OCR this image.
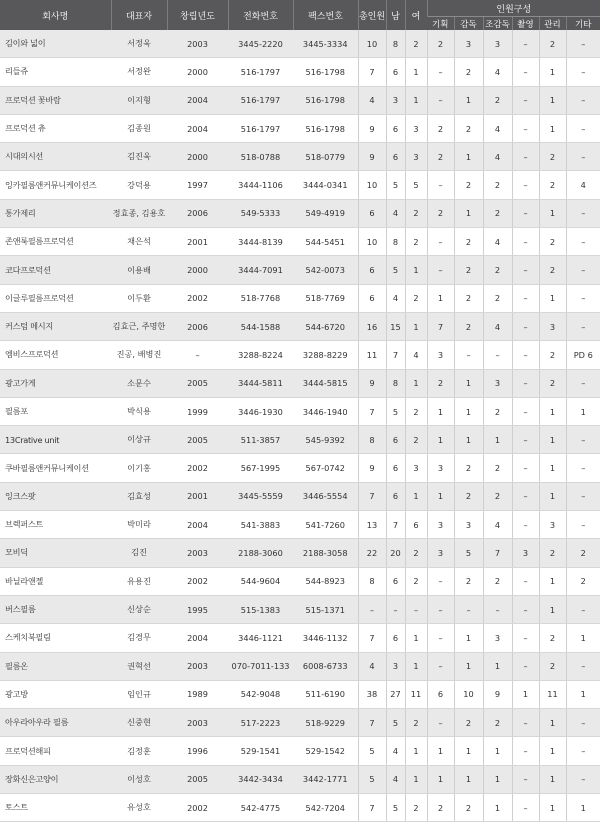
회사명	대표자	창립년도	전화번호	팩스번호	총인원	남	여	인원구성					
								기획	감독	조감독	촬영	관리	기타
김이와 넓이	서정욱	2003	3445-2220	3445-3334	10	8	2	2	3	3	–	2	–
리들쥬	서정완	2000	516-1797	516-1798	7	6	1	–	2	4	–	1	–
프로덕션 꽃바람	이지형	2004	516-1797	516-1798	4	3	1	–	1	2	–	1	–
프로덕션 츄	김종원	2004	516-1797	516-1798	9	6	3	2	2	4	–	1	–
시대의시선	김진욱	2000	518-0788	518-0779	9	6	3	2	1	4	–	2	–
잉카필름앤커뮤니케이션즈	강덕용	1997	3444-1106	3444-0341	10	5	5	–	2	2	–	2	4
통가제리	정효종, 김용호	2006	549-5333	549-4919	6	4	2	2	1	2	–	1	–
존앤룩필름프로덕션	채은석	2001	3444-8139	544-5451	10	8	2	–	2	4	–	2	–
코다프로덕션	이용배	2000	3444-7091	542-0073	6	5	1	–	2	2	–	2	–
이글루필름프로덕션	이두환	2002	518-7768	518-7769	6	4	2	1	2	2	–	1	–
커스텀 메시지	김효근, 주명한	2006	544-1588	544-6720	16	15	1	7	2	4	–	3	–
엠비스프로덕션	진공, 배병진	–	3288-8224	3288-8229	11	7	4	3	–	–	–	2	PD 6
광고가게	소문수	2005	3444-5811	3444-5815	9	8	1	2	1	3	–	2	–
필름포	박식용	1999	3446-1930	3446-1940	7	5	2	1	1	2	–	1	1
13Crative unit	이상규	2005	511-3857	545-9392	8	6	2	1	1	1	–	1	–
쿠바필름앤커뮤니케이션	이기홍	2002	567-1995	567-0742	9	6	3	3	2	2	–	1	–
잉크스팟	김효성	2001	3445-5559	3446-5554	7	6	1	1	2	2	–	1	–
브렉퍼스트	박미라	2004	541-3883	541-7260	13	7	6	3	3	4	–	3	–
모비딕	김진	2003	2188-3060	2188-3058	22	20	2	3	5	7	3	2	2
바닐라앤젤	유용진	2002	544-9604	544-8923	8	6	2	–	2	2	–	1	2
버스필름	신상순	1995	515-1383	515-1371	–	–	–	–	–	–	–	1	–
스케치북필림	김경무	2004	3446-1121	3446-1132	7	6	1	–	1	3	–	2	1
필름온	권혁선	2003	070-7011-133	6008-6733	4	3	1	–	1	1	–	2	–
광고방	임인규	1989	542-9048	511-6190	38	27	11	6	10	9	1	11	1
아우라아우라 필름	신중현	2003	517-2223	518-9229	7	5	2	–	2	2	–	1	–
프로덕션해피	김정훈	1996	529-1541	529-1542	5	4	1	1	1	1	–	1	–
장화신은고양이	이성호	2005	3442-3434	3442-1771	5	4	1	1	1	1	–	1	–
토스트	유성호	2002	542-4775	542-7204	7	5	2	2	2	1	–	1	1
